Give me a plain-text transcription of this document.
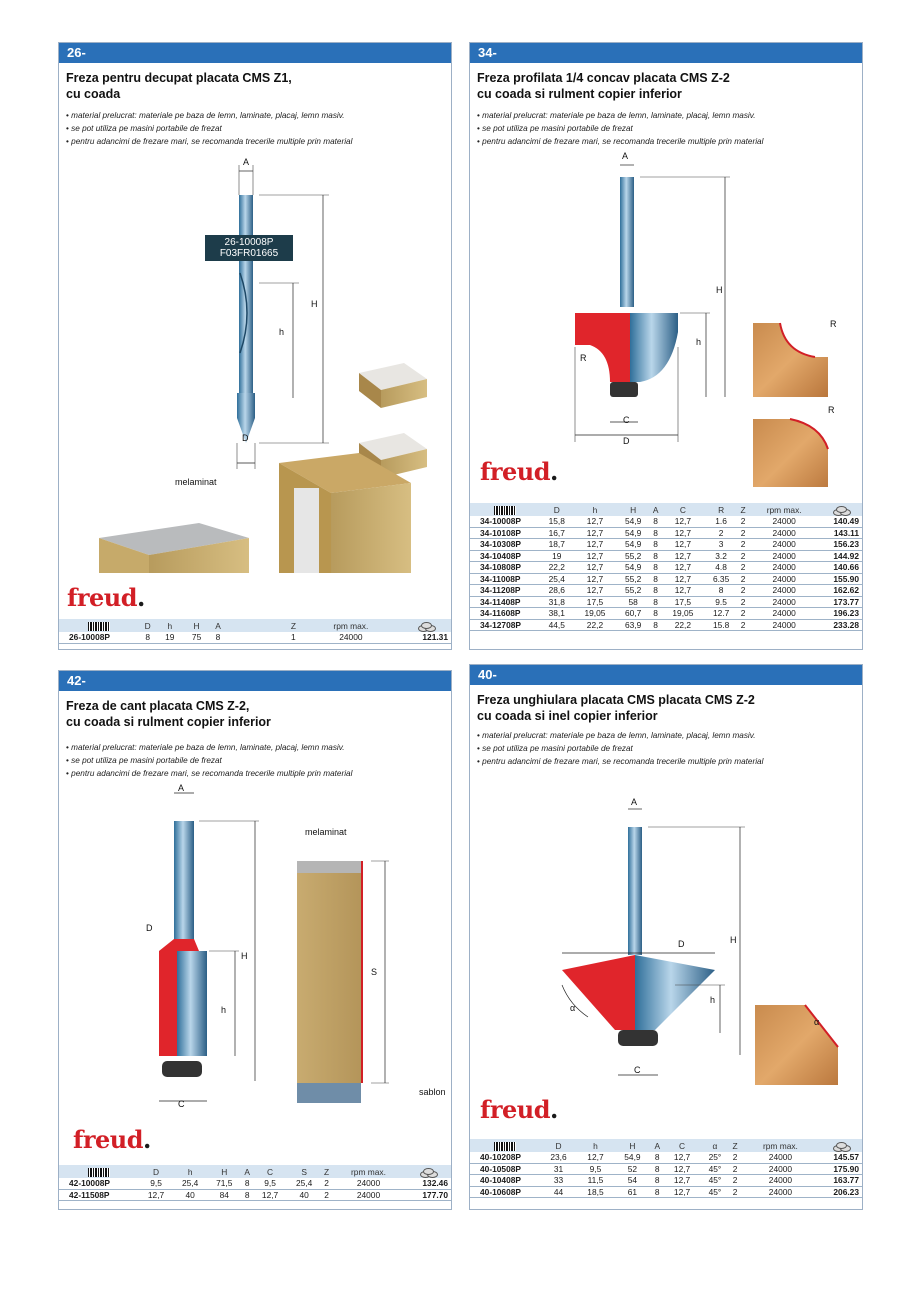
26-
Freza pentru decupat placata CMS Z1,
cu coada
• material prelucrat: materiale pe baza de lemn, laminate, placaj, lemn masiv.
• se pot utiliza pe masini portabile de frezat
• pentru adancimi de frezare mari, se recomanda trecerile multiple prin material
26-10008P
F03FR01665
A
H
h
D
melaminat
freud.
	D	h	H	A		Z	rpm max.	

26-10008P	8	19	75	8		1	24000	121.31
34-
Freza profilata 1/4 concav placata CMS Z-2
cu coada si rulment copier inferior
• material prelucrat: materiale pe baza de lemn, laminate, placaj, lemn masiv.
• se pot utiliza pe masini portabile de frezat
• pentru adancimi de frezare mari, se recomanda trecerile multiple prin material
A
H
h
R
C
D
R
R
freud.
	D	h	H	A	C	R	Z	rpm max.	

34-10008P	15,8	12,7	54,9	8	12,7	1.6	2	24000	140.49
34-10108P	16,7	12,7	54,9	8	12,7	2	2	24000	143.11
34-10308P	18,7	12,7	54,9	8	12,7	3	2	24000	156.23
34-10408P	19	12,7	55,2	8	12,7	3.2	2	24000	144.92
34-10808P	22,2	12,7	54,9	8	12,7	4.8	2	24000	140.66
34-11008P	25,4	12,7	55,2	8	12,7	6.35	2	24000	155.90
34-11208P	28,6	12,7	55,2	8	12,7	8	2	24000	162.62
34-11408P	31,8	17,5	58	8	17,5	9.5	2	24000	173.77
34-11608P	38,1	19,05	60,7	8	19,05	12.7	2	24000	196.23
34-12708P	44,5	22,2	63,9	8	22,2	15.8	2	24000	233.28
42-
Freza de cant placata CMS Z-2,
cu coada si rulment copier inferior
• material prelucrat: materiale pe baza de lemn, laminate, placaj, lemn masiv.
• se pot utiliza pe masini portabile de frezat
• pentru adancimi de frezare mari, se recomanda trecerile multiple prin material
A
D
H
h
C
S
melaminat
sablon
freud.
	D	h	H	A	C	S	Z	rpm max.	

42-10008P	9,5	25,4	71,5	8	9,5	25,4	2	24000	132.46
42-11508P	12,7	40	84	8	12,7	40	2	24000	177.70
40-
Freza unghiulara placata CMS placata CMS Z-2
cu coada si inel copier inferior
• material prelucrat: materiale pe baza de lemn, laminate, placaj, lemn masiv.
• se pot utiliza pe masini portabile de frezat
• pentru adancimi de frezare mari, se recomanda trecerile multiple prin material
A
H
D
h
α
C
α
freud.
	D	h	H	A	C	α	Z	rpm max.	

40-10208P	23,6	12,7	54,9	8	12,7	25°	2	24000	145.57
40-10508P	31	9,5	52	8	12,7	45°	2	24000	175.90
40-10408P	33	11,5	54	8	12,7	45°	2	24000	163.77
40-10608P	44	18,5	61	8	12,7	45°	2	24000	206.23
